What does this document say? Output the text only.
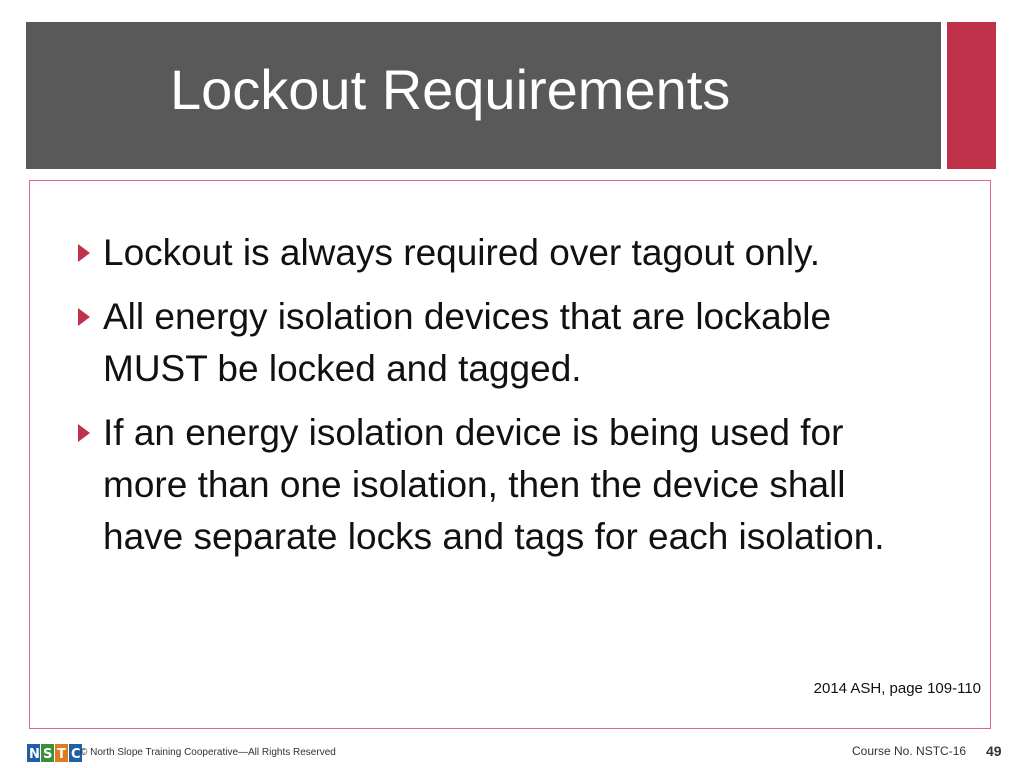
Lockout Requirements
Lockout is always required over tagout only.
All energy isolation devices that are lockable MUST be locked and tagged.
If an energy isolation device is being used for more than one isolation, then the device shall have separate locks and tags for each isolation.
2014 ASH, page 109-110
N S T C © North Slope Training Cooperative—All Rights Reserved	Course No. NSTC-16 49
